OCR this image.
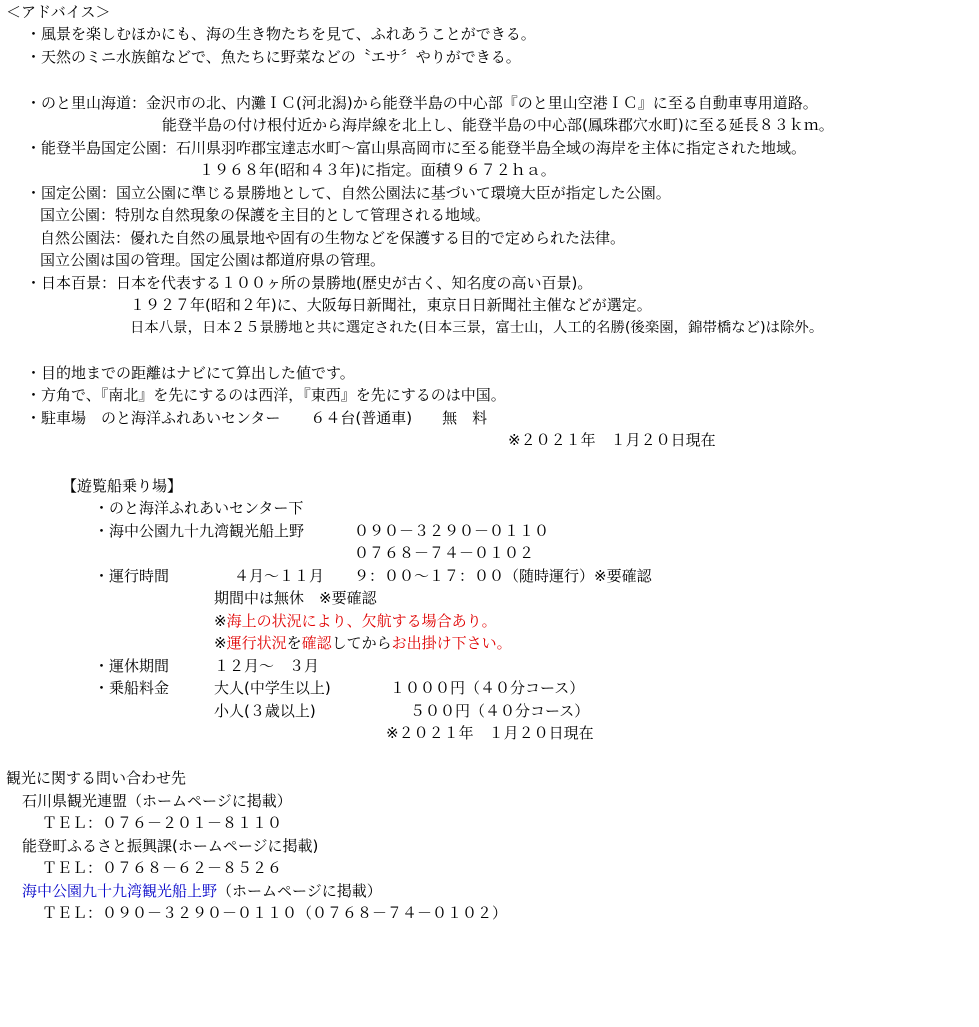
＜アドバイス＞
・風景を楽しむほかにも、海の生き物たちを見て、ふれあうことができる。
・天然のミニ水族館などで、魚たちに野菜などの〝エサ〞やりができる。
・のと里山海道：金沢市の北、内灘ＩＣ(河北潟)から能登半島の中心部『のと里山空港ＩＣ』に至る自動車専用道路。
能登半島の付け根付近から海岸線を北上し、能登半島の中心部(鳳珠郡穴水町)に至る延長８３ｋｍ。
・能登半島国定公園：石川県羽咋郡宝達志水町～富山県高岡市に至る能登半島全域の海岸を主体に指定された地域。
１９６８年(昭和４３年)に指定。面積９６７２ｈａ。
・国定公園：国立公園に準じる景勝地として、自然公園法に基づいて環境大臣が指定した公園。
国立公園：特別な自然現象の保護を主目的として管理される地域。
自然公園法：優れた自然の風景地や固有の生物などを保護する目的で定められた法律。
国立公園は国の管理。国定公園は都道府県の管理。
・日本百景：日本を代表する１００ヶ所の景勝地(歴史が古く、知名度の高い百景)。
１９２７年(昭和２年)に、大阪毎日新聞社，東京日日新聞社主催などが選定。
日本八景，日本２５景勝地と共に選定された(日本三景，富士山，人工的名勝(後楽園，錦帯橋など)は除外。
・目的地までの距離はナビにて算出した値です。
・方角で、『南北』を先にするのは西洋，『東西』を先にするのは中国。
・駐車場　のと海洋ふれあいセンター　　６４台(普通車)　　無　料
※２０２１年　１月２０日現在
【遊覧船乗り場】
・のと海洋ふれあいセンター下
・海中公園九十九湾観光船上野	０９０－３２９０－０１１０
０７６８－７４－０１０２
・運行時間	４月～１１月　　９：００～１７：００（随時運行）※要確認
期間中は無休　※要確認
※海上の状況により、欠航する場合あり。
※運行状況を確認してからお出掛け下さい。
・運休期間	１２月～　３月
・乗船料金	大人(中学生以上)	１０００円（４０分コース）
小人(３歳以上)	５００円（４０分コース）
※２０２１年　１月２０日現在
観光に関する問い合わせ先
石川県観光連盟（ホームページに掲載）
ＴＥＬ：０７６－２０１－８１１０
能登町ふるさと振興課(ホームページに掲載)
ＴＥＬ：０７６８－６２－８５２６
海中公園九十九湾観光船上野（ホームページに掲載）
ＴＥＬ：０９０－３２９０－０１１０（０７６８－７４－０１０２）
